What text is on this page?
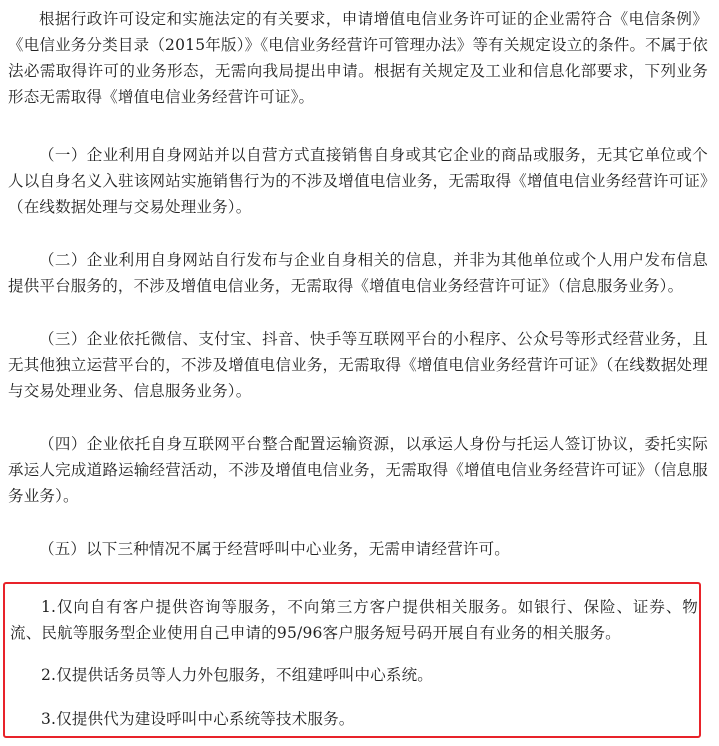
根据行政许可设定和实施法定的有关要求，申请增值电信业务许可证的企业需符合《电信条例》《电信业务分类目录（2015年版）》《电信业务经营许可管理办法》等有关规定设立的条件。不属于依法必需取得许可的业务形态，无需向我局提出申请。根据有关规定及工业和信息化部要求，下列业务形态无需取得《增值电信业务经营许可证》。

（一）企业利用自身网站并以自营方式直接销售自身或其它企业的商品或服务，无其它单位或个人以自身名义入驻该网站实施销售行为的不涉及增值电信业务，无需取得《增值电信业务经营许可证》（在线数据处理与交易处理业务）。

（二）企业利用自身网站自行发布与企业自身相关的信息，并非为其他单位或个人用户发布信息提供平台服务的，不涉及增值电信业务，无需取得《增值电信业务经营许可证》（信息服务业务）。

（三）企业依托微信、支付宝、抖音、快手等互联网平台的小程序、公众号等形式经营业务，且无其他独立运营平台的，不涉及增值电信业务，无需取得《增值电信业务经营许可证》（在线数据处理与交易处理业务、信息服务业务）。

（四）企业依托自身互联网平台整合配置运输资源，以承运人身份与托运人签订协议，委托实际承运人完成道路运输经营活动，不涉及增值电信业务，无需取得《增值电信业务经营许可证》（信息服务业务）。

（五）以下三种情况不属于经营呼叫中心业务，无需申请经营许可。

1.仅向自有客户提供咨询等服务，不向第三方客户提供相关服务。如银行、保险、证券、物流、民航等服务型企业使用自己申请的95/96客户服务短号码开展自有业务的相关服务。

2.仅提供话务员等人力外包服务，不组建呼叫中心系统。

3.仅提供代为建设呼叫中心系统等技术服务。
